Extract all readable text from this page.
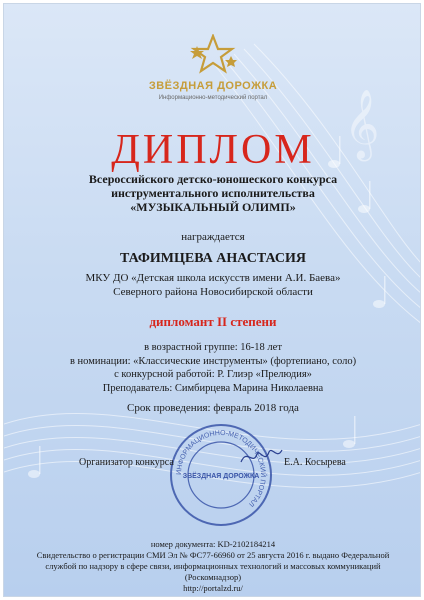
𝄞
ЗВЁЗДНАЯ ДОРОЖКА
Информационно-методический портал
ДИПЛОМ
Всероссийского детско-юношеского конкурса
инструментального исполнительства
«МУЗЫКАЛЬНЫЙ ОЛИМП»
награждается
ТАФИМЦЕВА АНАСТАСИЯ
МКУ ДО «Детская школа искусств имени А.И. Баева»
Северного района Новосибирской области
дипломант II степени
в возрастной группе: 16-18 лет
в номинации: «Классические инструменты» (фортепиано, соло)
с конкурсной работой: Р. Глиэр «Прелюдия»
Преподаватель: Симбирцева Марина Николаевна
Срок проведения: февраль 2018 года
ИНФОРМАЦИОННО-МЕТОДИЧЕСКИЙ ПОРТАЛ
ЗВЁЗДНАЯ ДОРОЖКА
Организатор конкурса	Е.А. Косырева
номер документа: KD-2102184214
Свидетельство о регистрации СМИ Эл № ФС77-66960 от 25 августа 2016 г. выдано Федеральной
службой по надзору в сфере связи, информационных технологий и массовых коммуникаций
(Роскомнадзор)
http://portalzd.ru/
